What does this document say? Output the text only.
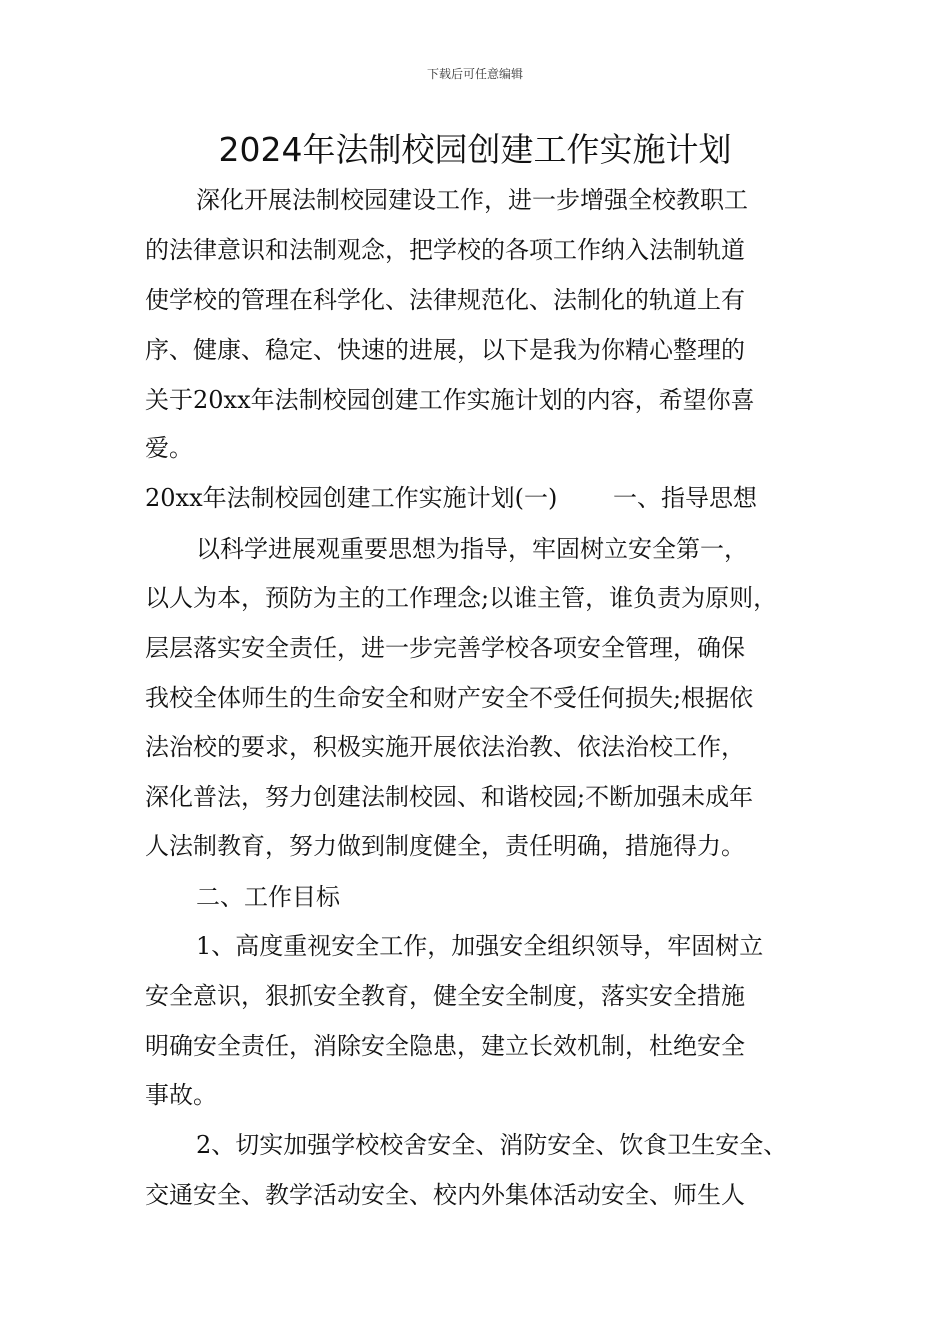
下载后可任意编辑
2024年法制校园创建工作实施计划
深化开展法制校园建设工作，进一步增强全校教职工
的法律意识和法制观念，把学校的各项工作纳入法制轨道
使学校的管理在科学化、法律规范化、法制化的轨道上有
序、健康、稳定、快速的进展，以下是我为你精心整理的
关于20xx年法制校园创建工作实施计划的内容，希望你喜
爱。
20xx年法制校园创建工作实施计划(一)　　 一、指导思想
以科学进展观重要思想为指导，牢固树立安全第一，
以人为本，预防为主的工作理念;以谁主管，谁负责为原则，
层层落实安全责任，进一步完善学校各项安全管理，确保
我校全体师生的生命安全和财产安全不受任何损失;根据依
法治校的要求，积极实施开展依法治教、依法治校工作，
深化普法，努力创建法制校园、和谐校园;不断加强未成年
人法制教育，努力做到制度健全，责任明确，措施得力。
二、工作目标
1、高度重视安全工作，加强安全组织领导，牢固树立
安全意识，狠抓安全教育，健全安全制度，落实安全措施
明确安全责任，消除安全隐患，建立长效机制，杜绝安全
事故。
2、切实加强学校校舍安全、消防安全、饮食卫生安全、
交通安全、教学活动安全、校内外集体活动安全、师生人
